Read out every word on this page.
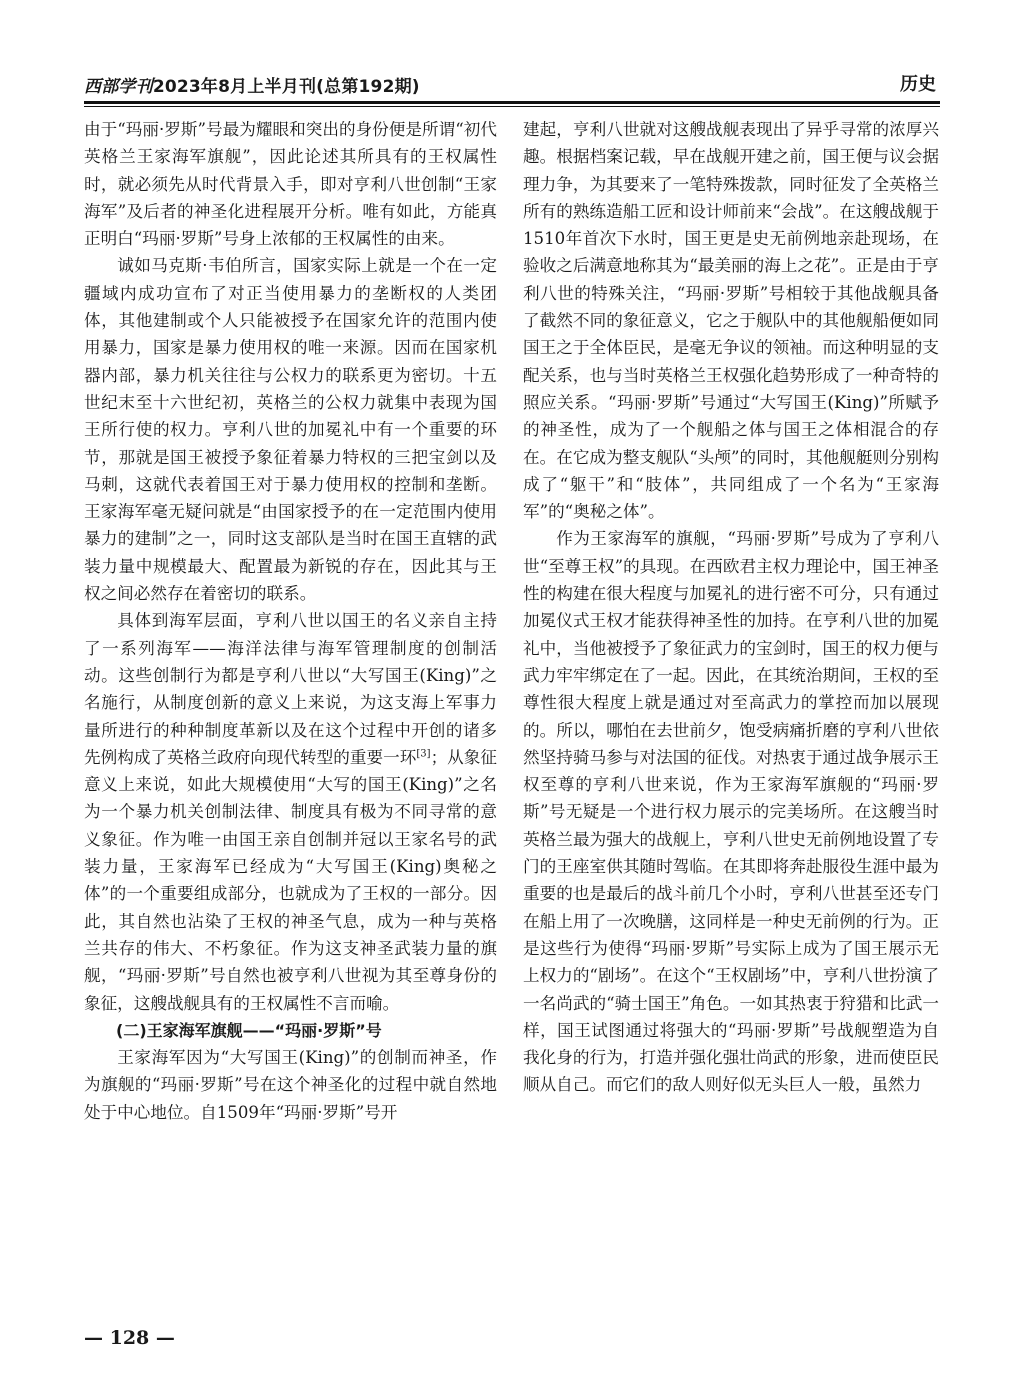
西部学刊2023年8月上半月刊(总第192期)	历史

由于“玛丽·罗斯”号最为耀眼和突出的身份便是所谓“初代英格兰王家海军旗舰”，因此论述其所具有的王权属性时，就必须先从时代背景入手，即对亨利八世创制“王家海军”及后者的神圣化进程展开分析。唯有如此，方能真正明白“玛丽·罗斯”号身上浓郁的王权属性的由来。

诚如马克斯·韦伯所言，国家实际上就是一个在一定疆域内成功宣布了对正当使用暴力的垄断权的人类团体，其他建制或个人只能被授予在国家允许的范围内使用暴力，国家是暴力使用权的唯一来源。因而在国家机器内部，暴力机关往往与公权力的联系更为密切。十五世纪末至十六世纪初，英格兰的公权力就集中表现为国王所行使的权力。亨利八世的加冕礼中有一个重要的环节，那就是国王被授予象征着暴力特权的三把宝剑以及马刺，这就代表着国王对于暴力使用权的控制和垄断。王家海军毫无疑问就是“由国家授予的在一定范围内使用暴力的建制”之一，同时这支部队是当时在国王直辖的武装力量中规模最大、配置最为新锐的存在，因此其与王权之间必然存在着密切的联系。

具体到海军层面，亨利八世以国王的名义亲自主持了一系列海军——海洋法律与海军管理制度的创制活动。这些创制行为都是亨利八世以“大写国王(King)”之名施行，从制度创新的意义上来说，为这支海上军事力量所进行的种种制度革新以及在这个过程中开创的诸多先例构成了英格兰政府向现代转型的重要一环[3]；从象征意义上来说，如此大规模使用“大写的国王(King)”之名为一个暴力机关创制法律、制度具有极为不同寻常的意义象征。作为唯一由国王亲自创制并冠以王家名号的武装力量，王家海军已经成为“大写国王(King)奥秘之体”的一个重要组成部分，也就成为了王权的一部分。因此，其自然也沾染了王权的神圣气息，成为一种与英格兰共存的伟大、不朽象征。作为这支神圣武装力量的旗舰，“玛丽·罗斯”号自然也被亨利八世视为其至尊身份的象征，这艘战舰具有的王权属性不言而喻。

(二)王家海军旗舰——“玛丽·罗斯”号

王家海军因为“大写国王(King)”的创制而神圣，作为旗舰的“玛丽·罗斯”号在这个神圣化的过程中就自然地处于中心地位。自1509年“玛丽·罗斯”号开

建起，亨利八世就对这艘战舰表现出了异乎寻常的浓厚兴趣。根据档案记载，早在战舰开建之前，国王便与议会据理力争，为其要来了一笔特殊拨款，同时征发了全英格兰所有的熟练造船工匠和设计师前来“会战”。在这艘战舰于1510年首次下水时，国王更是史无前例地亲赴现场，在验收之后满意地称其为“最美丽的海上之花”。正是由于亨利八世的特殊关注，“玛丽·罗斯”号相较于其他战舰具备了截然不同的象征意义，它之于舰队中的其他舰船便如同国王之于全体臣民，是毫无争议的领袖。而这种明显的支配关系，也与当时英格兰王权强化趋势形成了一种奇特的照应关系。“玛丽·罗斯”号通过“大写国王(King)”所赋予的神圣性，成为了一个舰船之体与国王之体相混合的存在。在它成为整支舰队“头颅”的同时，其他舰艇则分别构成了“躯干”和“肢体”，共同组成了一个名为“王家海军”的“奥秘之体”。

作为王家海军的旗舰，“玛丽·罗斯”号成为了亨利八世“至尊王权”的具现。在西欧君主权力理论中，国王神圣性的构建在很大程度与加冕礼的进行密不可分，只有通过加冕仪式王权才能获得神圣性的加持。在亨利八世的加冕礼中，当他被授予了象征武力的宝剑时，国王的权力便与武力牢牢绑定在了一起。因此，在其统治期间，王权的至尊性很大程度上就是通过对至高武力的掌控而加以展现的。所以，哪怕在去世前夕，饱受病痛折磨的亨利八世依然坚持骑马参与对法国的征伐。对热衷于通过战争展示王权至尊的亨利八世来说，作为王家海军旗舰的“玛丽·罗斯”号无疑是一个进行权力展示的完美场所。在这艘当时英格兰最为强大的战舰上，亨利八世史无前例地设置了专门的王座室供其随时驾临。在其即将奔赴服役生涯中最为重要的也是最后的战斗前几个小时，亨利八世甚至还专门在船上用了一次晚膳，这同样是一种史无前例的行为。正是这些行为使得“玛丽·罗斯”号实际上成为了国王展示无上权力的“剧场”。在这个“王权剧场”中，亨利八世扮演了一名尚武的“骑士国王”角色。一如其热衷于狩猎和比武一样，国王试图通过将强大的“玛丽·罗斯”号战舰塑造为自我化身的行为，打造并强化强壮尚武的形象，进而使臣民顺从自己。而它们的敌人则好似无头巨人一般，虽然力

— 128 —
